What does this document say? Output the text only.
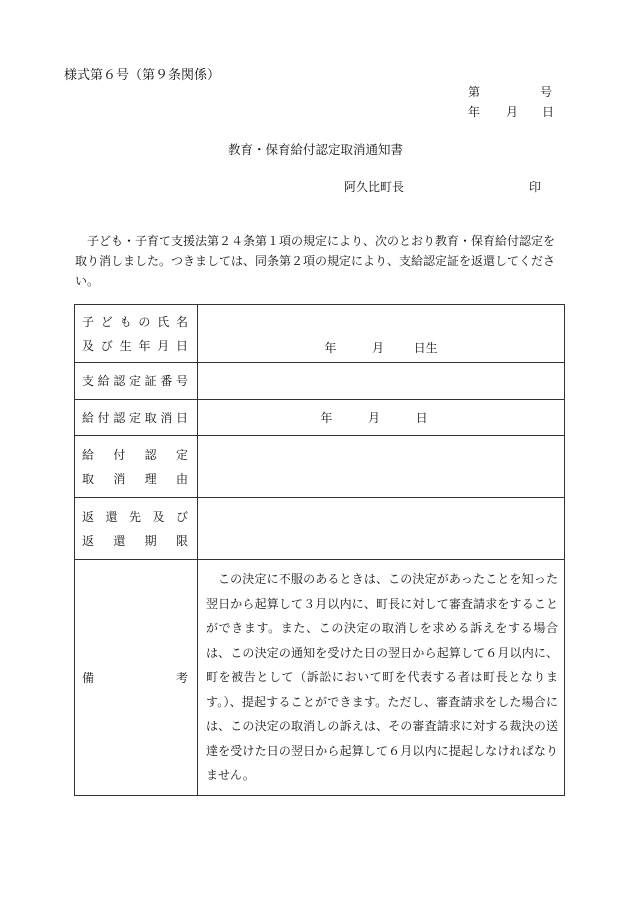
様式第６号（第９条関係）
第	号
年 月 日
教育・保育給付認定取消通知書
阿久比町長	印

子ども・子育て支援法第２４条第１項の規定により、次のとおり教育・保育給付認定を取り消しました。つきましては、同条第２項の規定により、支給認定証を返還してください。

子どもの氏名
及び生年月日	年 月 日生

支給認定証番号	

給付認定取消日	年 月 日

給付認定
取消理由	

返還先及び
返還期限	

備考	この決定に不服のあるときは、この決定があったことを知った翌日から起算して３月以内に、町長に対して審査請求をすることができます。また、この決定の取消しを求める訴えをする場合は、この決定の通知を受けた日の翌日から起算して６月以内に、町を被告として（訴訟において町を代表する者は町長となります。）、提起することができます。ただし、審査請求をした場合には、この決定の取消しの訴えは、その審査請求に対する裁決の送達を受けた日の翌日から起算して６月以内に提起しなければなりません。
